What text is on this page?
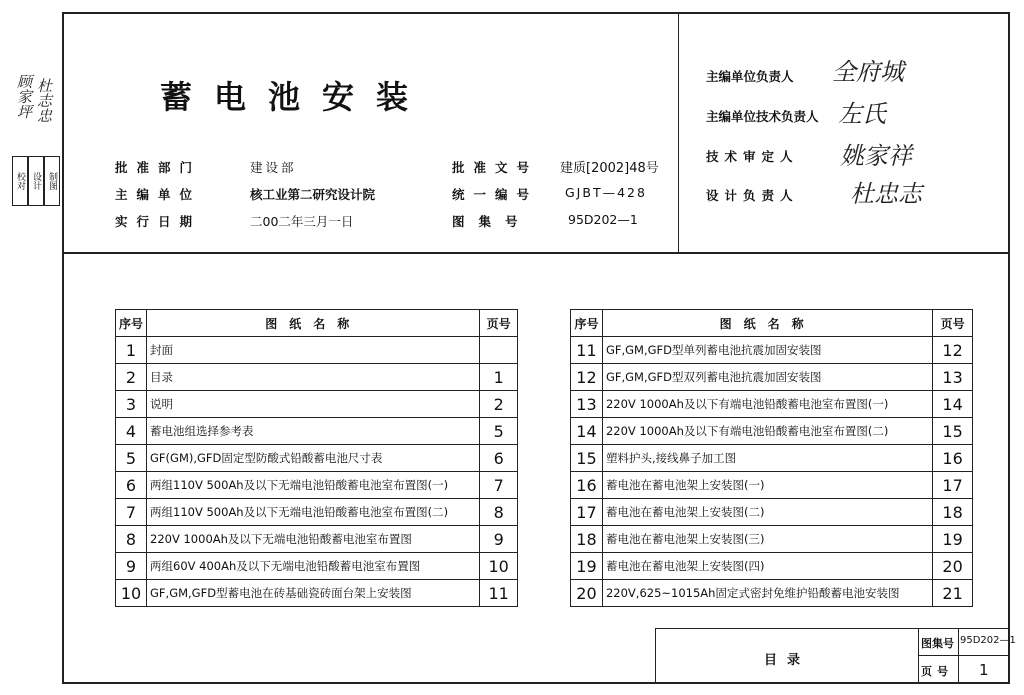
顾家坪 杜志忠
校对 设计 制图
蓄电池安装
批准部门	建设部
主编单位	核工业第二研究设计院
实行日期	二00二年三月一日
批准文号 建质[2002]48号
统一编号 GJBT—428
图集号	95D202—1
主编单位负责人 全府城
主编单位技术负责人 左氏
技术审定人 姚家祥
设计负责人 杜忠志
序号	图纸名称	页号
1	封面	
2	目录	1
3	说明	2
4	蓄电池组选择参考表	5
5	GF(GM),GFD固定型防酸式铅酸蓄电池尺寸表	6
6	两组110V 500Ah及以下无端电池铅酸蓄电池室布置图(一)	7
7	两组110V 500Ah及以下无端电池铅酸蓄电池室布置图(二)	8
8	220V 1000Ah及以下无端电池铅酸蓄电池室布置图	9
9	两组60V 400Ah及以下无端电池铅酸蓄电池室布置图	10
10	GF,GM,GFD型蓄电池在砖基础瓷砖面台架上安装图	11
序号	图纸名称	页号
11	GF,GM,GFD型单列蓄电池抗震加固安装图	12
12	GF,GM,GFD型双列蓄电池抗震加固安装图	13
13	220V 1000Ah及以下有端电池铅酸蓄电池室布置图(一)	14
14	220V 1000Ah及以下有端电池铅酸蓄电池室布置图(二)	15
15	塑料护头,接线鼻子加工图	16
16	蓄电池在蓄电池架上安装图(一)	17
17	蓄电池在蓄电池架上安装图(二)	18
18	蓄电池在蓄电池架上安装图(三)	19
19	蓄电池在蓄电池架上安装图(四)	20
20	220V,625~1015Ah固定式密封免维护铅酸蓄电池安装图	21
目录
图集号 95D202—1
页号 1
